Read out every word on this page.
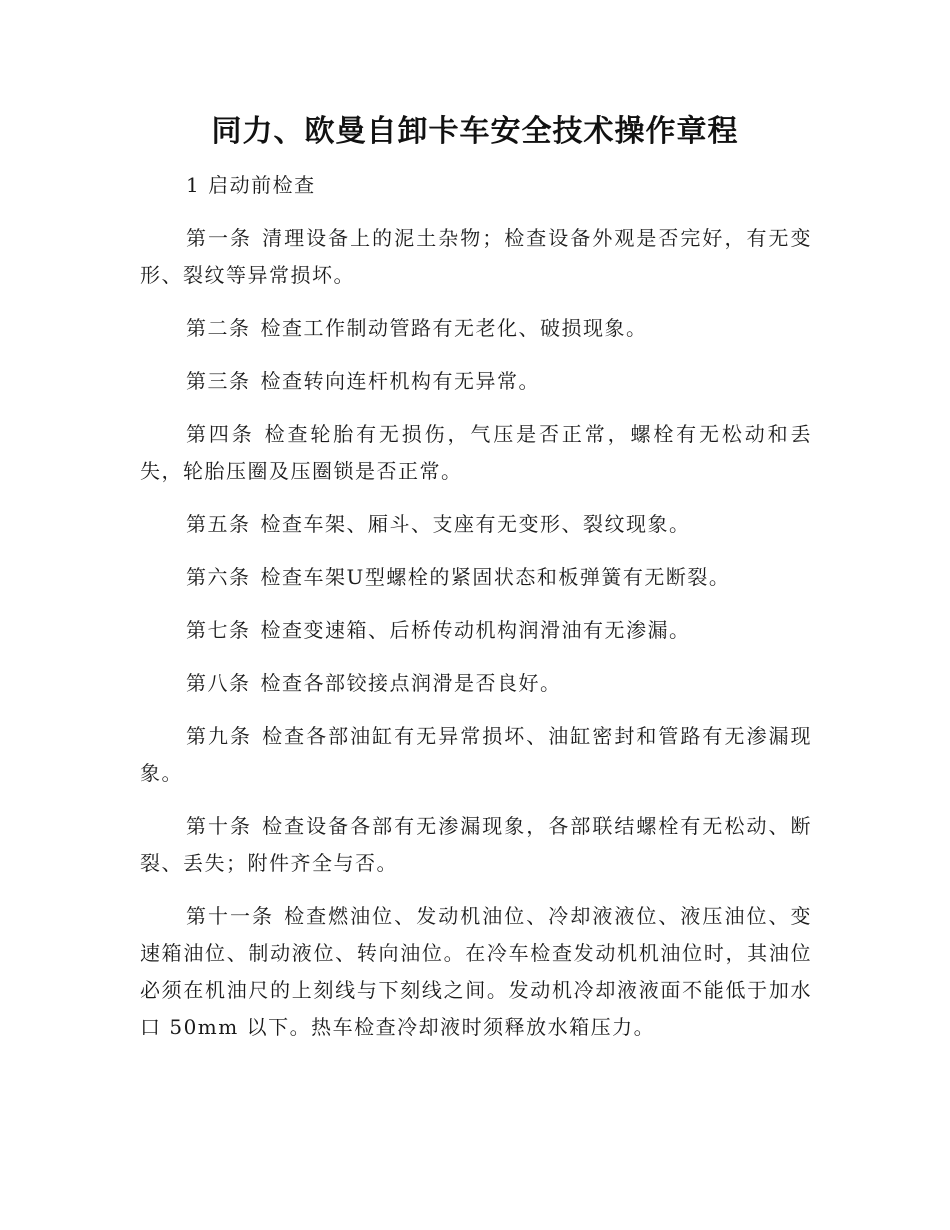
同力、欧曼自卸卡车安全技术操作章程

1 启动前检查

第一条 清理设备上的泥土杂物；检查设备外观是否完好，有无变形、裂纹等异常损坏。

第二条 检查工作制动管路有无老化、破损现象。

第三条 检查转向连杆机构有无异常。

第四条 检查轮胎有无损伤，气压是否正常，螺栓有无松动和丢失，轮胎压圈及压圈锁是否正常。

第五条 检查车架、厢斗、支座有无变形、裂纹现象。

第六条 检查车架U型螺栓的紧固状态和板弹簧有无断裂。

第七条 检查变速箱、后桥传动机构润滑油有无渗漏。

第八条 检查各部铰接点润滑是否良好。

第九条 检查各部油缸有无异常损坏、油缸密封和管路有无渗漏现象。

第十条 检查设备各部有无渗漏现象，各部联结螺栓有无松动、断裂、丢失；附件齐全与否。

第十一条 检查燃油位、发动机油位、冷却液液位、液压油位、变速箱油位、制动液位、转向油位。在冷车检查发动机机油位时，其油位必须在机油尺的上刻线与下刻线之间。发动机冷却液液面不能低于加水口 50mm 以下。热车检查冷却液时须释放水箱压力。
